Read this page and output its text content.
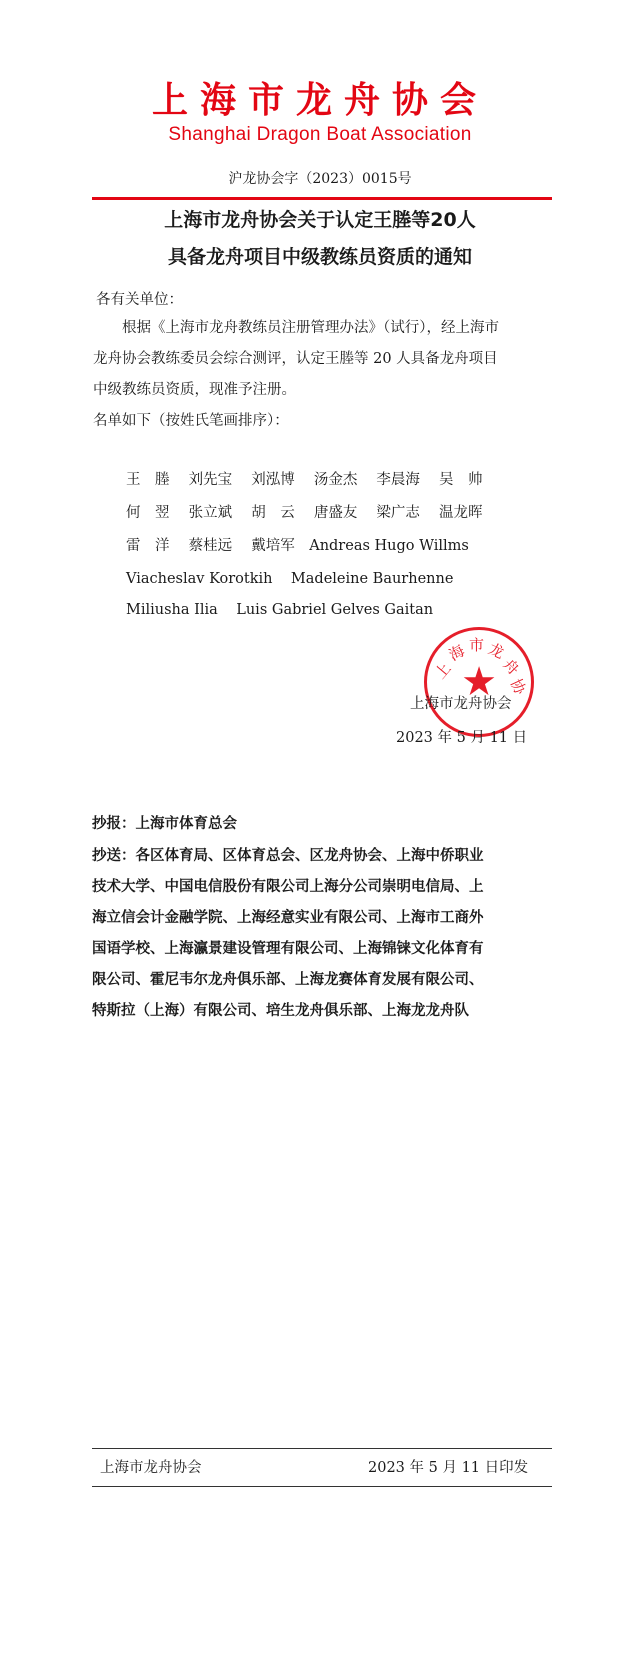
上海市龙舟协会
Shanghai Dragon Boat Association
沪龙协会字（2023）0015号
上海市龙舟协会关于认定王塍等20人
具备龙舟项目中级教练员资质的通知
各有关单位：
根据《上海市龙舟教练员注册管理办法》（试行），经上海市
龙舟协会教练委员会综合测评，认定王塍等 20 人具备龙舟项目
中级教练员资质，现准予注册。
名单如下（按姓氏笔画排序）：
王　塍　 刘先宝　 刘泓博　 汤金杰　 李晨海　 吴　帅
何　翌　 张立斌　 胡　云　 唐盛友　 梁广志　 温龙晖
雷　洋　 蔡桂远　 戴培军　Andreas Hugo Willms
Viacheslav Korotkih    Madeleine Baurhenne
Miliusha Ilia    Luis Gabriel Gelves Gaitan
上
海 市 龙
舟
协
★
上海市龙舟协会
2023 年 5 月 11 日
抄报：上海市体育总会
抄送：各区体育局、区体育总会、区龙舟协会、上海中侨职业
技术大学、中国电信股份有限公司上海分公司崇明电信局、上
海立信会计金融学院、上海经意实业有限公司、上海市工商外
国语学校、上海瀛景建设管理有限公司、上海锦铼文化体育有
限公司、霍尼韦尔龙舟俱乐部、上海龙赛体育发展有限公司、
特斯拉（上海）有限公司、培生龙舟俱乐部、上海龙龙舟队
上海市龙舟协会	2023 年 5 月 11 日印发
根据《上海市龙舟教练员注册管理办法》（试行），经上海市龙舟协会教练委员会综合测评，认定王塍等20人具备龙舟项目中级教练员资质，现准予注册。
上海市龙舟协会
